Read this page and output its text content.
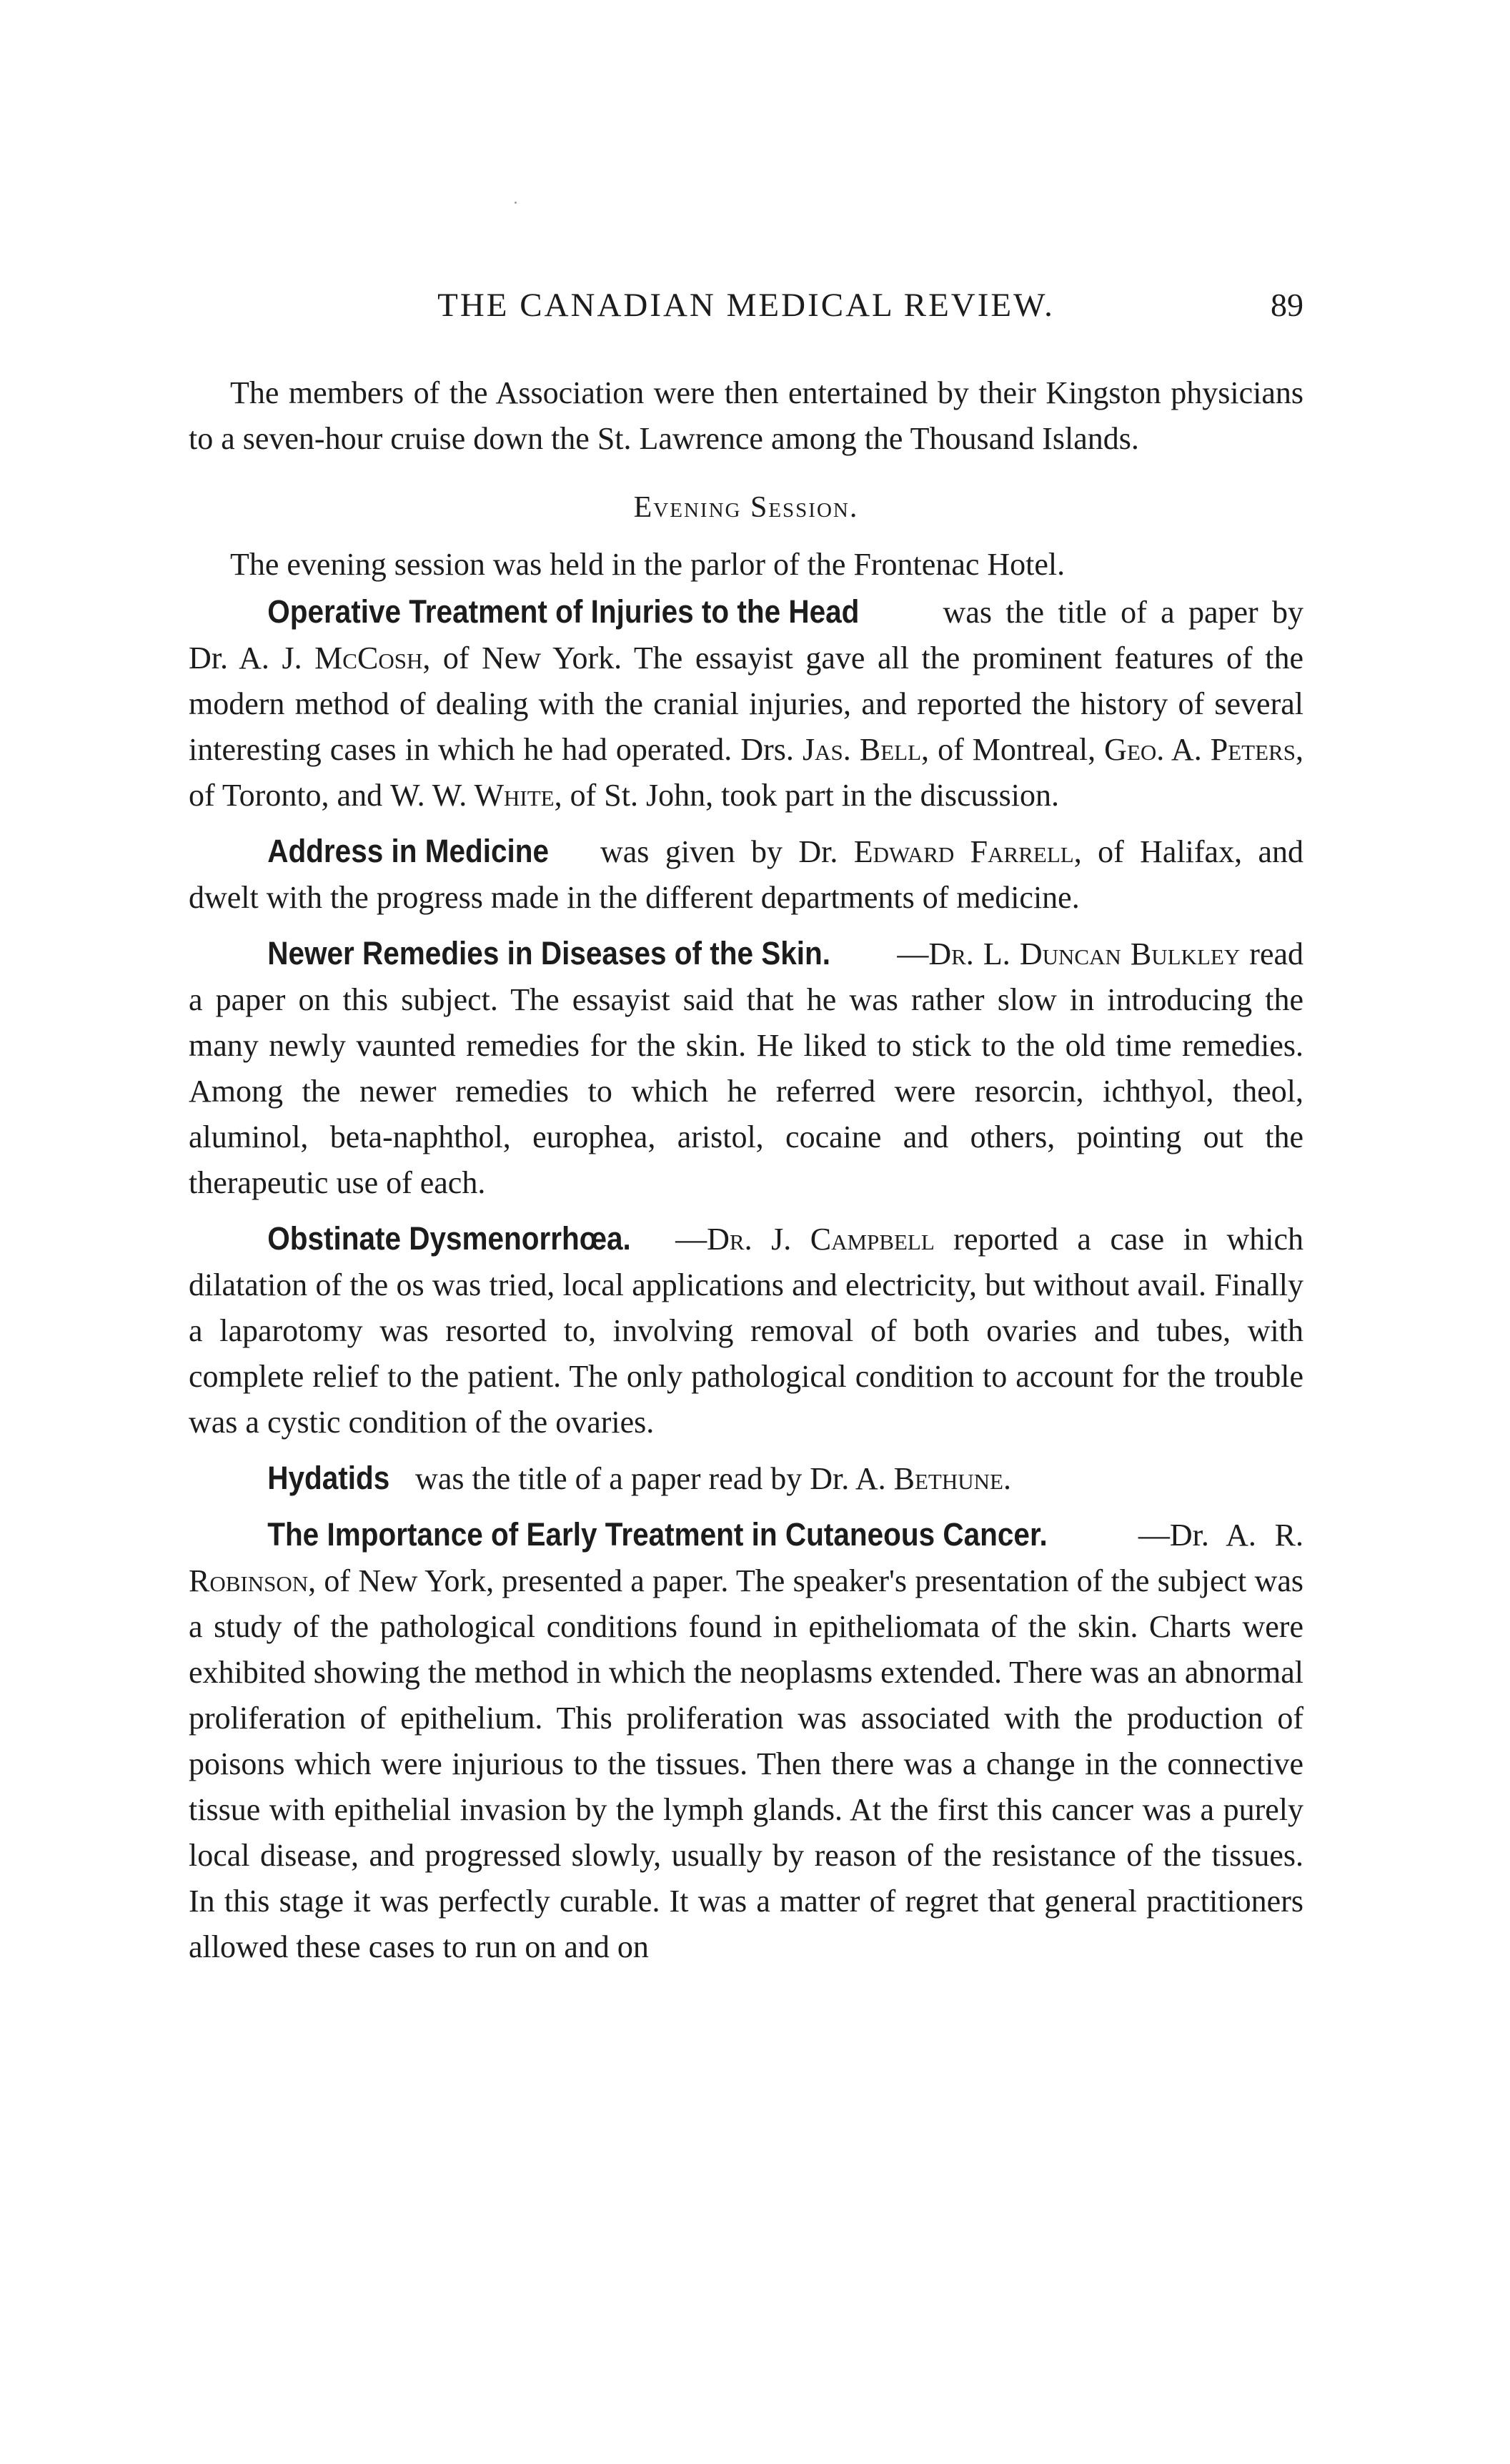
THE CANADIAN MEDICAL REVIEW.	89

The members of the Association were then entertained by their Kingston physicians to a seven-hour cruise down the St. Lawrence among the Thousand Islands.

Evening Session.

The evening session was held in the parlor of the Frontenac Hotel.

Operative Treatment of Injuries to the Head was the title of a paper by Dr. A. J. McCosh, of New York. The essayist gave all the prominent features of the modern method of dealing with the cranial injuries, and reported the history of several interesting cases in which he had operated. Drs. Jas. Bell, of Montreal, Geo. A. Peters, of Toronto, and W. W. White, of St. John, took part in the discussion.

Address in Medicine was given by Dr. Edward Farrell, of Halifax, and dwelt with the progress made in the different departments of medicine.

Newer Remedies in Diseases of the Skin. —Dr. L. Duncan Bulkley read a paper on this subject. The essayist said that he was rather slow in introducing the many newly vaunted remedies for the skin. He liked to stick to the old time remedies. Among the newer remedies to which he referred were resorcin, ichthyol, theol, aluminol, beta-naphthol, europhea, aristol, cocaine and others, pointing out the therapeutic use of each.

Obstinate Dysmenorrhœa. —Dr. J. Campbell reported a case in which dilatation of the os was tried, local applications and electricity, but without avail. Finally a laparotomy was resorted to, involving removal of both ovaries and tubes, with complete relief to the patient. The only pathological condition to account for the trouble was a cystic condition of the ovaries.

Hydatids was the title of a paper read by Dr. A. Bethune.

The Importance of Early Treatment in Cutaneous Cancer.	—Dr. A. R. Robinson, of New York, presented a paper. The speaker's presentation of the subject was a study of the pathological conditions found in epitheliomata of the skin. Charts were exhibited showing the method in which the neoplasms extended. There was an abnormal proliferation of epithelium. This proliferation was associated with the production of poisons which were injurious to the tissues. Then there was a change in the connective tissue with epithelial invasion by the lymph glands. At the first this cancer was a purely local disease, and progressed slowly, usually by reason of the resistance of the tissues. In this stage it was perfectly curable. It was a matter of regret that general practitioners allowed these cases to run on and on
